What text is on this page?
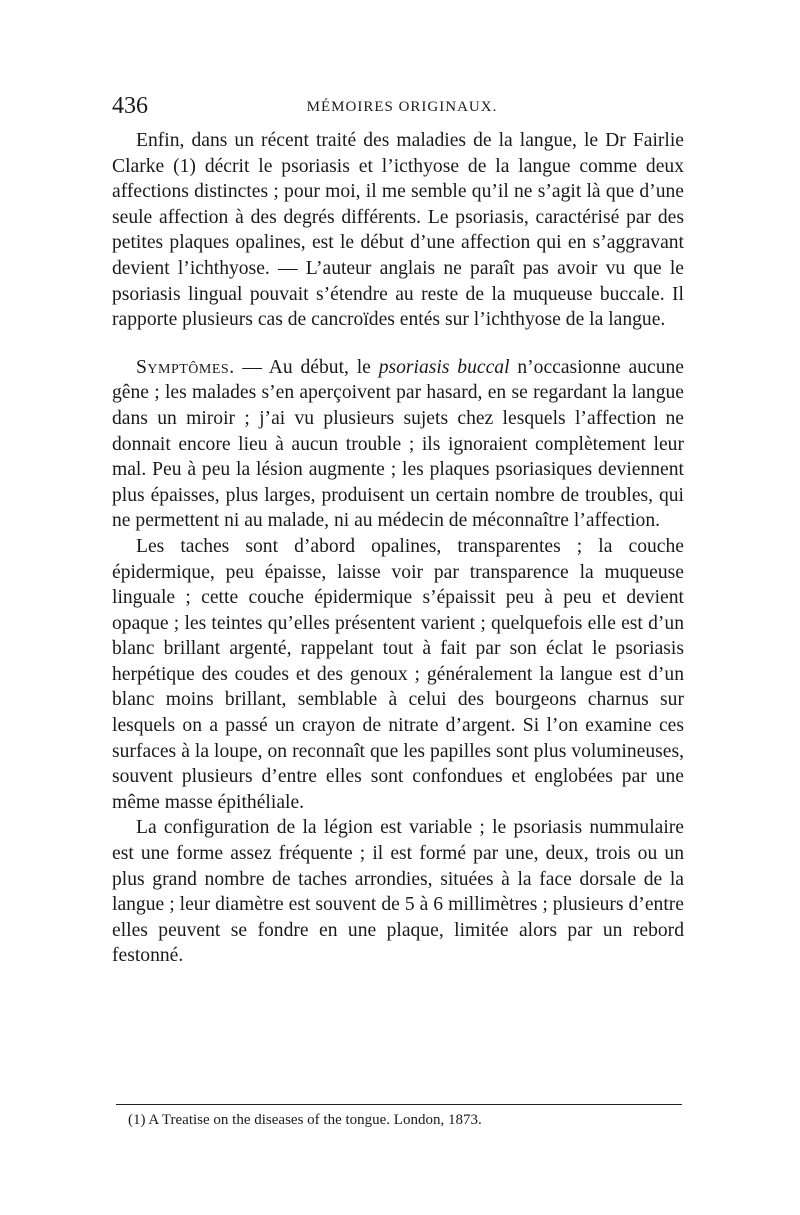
436	MÉMOIRES ORIGINAUX.

Enfin, dans un récent traité des maladies de la langue, le Dr Fairlie Clarke (1) décrit le psoriasis et l’icthyose de la langue comme deux affections distinctes ; pour moi, il me semble qu’il ne s’agit là que d’une seule affection à des degrés différents. Le psoriasis, caractérisé par des petites plaques opalines, est le début d’une affection qui en s’aggravant devient l’ichthyose. — L’auteur anglais ne paraît pas avoir vu que le psoriasis lingual pouvait s’étendre au reste de la muqueuse buccale. Il rapporte plusieurs cas de cancroïdes entés sur l’ichthyose de la langue.

Symptômes. — Au début, le psoriasis buccal n’occasionne aucune gêne ; les malades s’en aperçoivent par hasard, en se regardant la langue dans un miroir ; j’ai vu plusieurs sujets chez lesquels l’affection ne donnait encore lieu à aucun trouble ; ils ignoraient complètement leur mal. Peu à peu la lésion augmente ; les plaques psoriasiques deviennent plus épaisses, plus larges, produisent un certain nombre de troubles, qui ne permettent ni au malade, ni au médecin de méconnaître l’affection.

Les taches sont d’abord opalines, transparentes ; la couche épidermique, peu épaisse, laisse voir par transparence la muqueuse linguale ; cette couche épidermique s’épaissit peu à peu et devient opaque ; les teintes qu’elles présentent varient ; quelquefois elle est d’un blanc brillant argenté, rappelant tout à fait par son éclat le psoriasis herpétique des coudes et des genoux ; généralement la langue est d’un blanc moins brillant, semblable à celui des bourgeons charnus sur lesquels on a passé un crayon de nitrate d’argent. Si l’on examine ces surfaces à la loupe, on reconnaît que les papilles sont plus volumineuses, souvent plusieurs d’entre elles sont confondues et englobées par une même masse épithéliale.

La configuration de la légion est variable ; le psoriasis nummulaire est une forme assez fréquente ; il est formé par une, deux, trois ou un plus grand nombre de taches arrondies, situées à la face dorsale de la langue ; leur diamètre est souvent de 5 à 6 millimètres ; plusieurs d’entre elles peuvent se fondre en une plaque, limitée alors par un rebord festonné.

(1) A Treatise on the diseases of the tongue. London, 1873.
